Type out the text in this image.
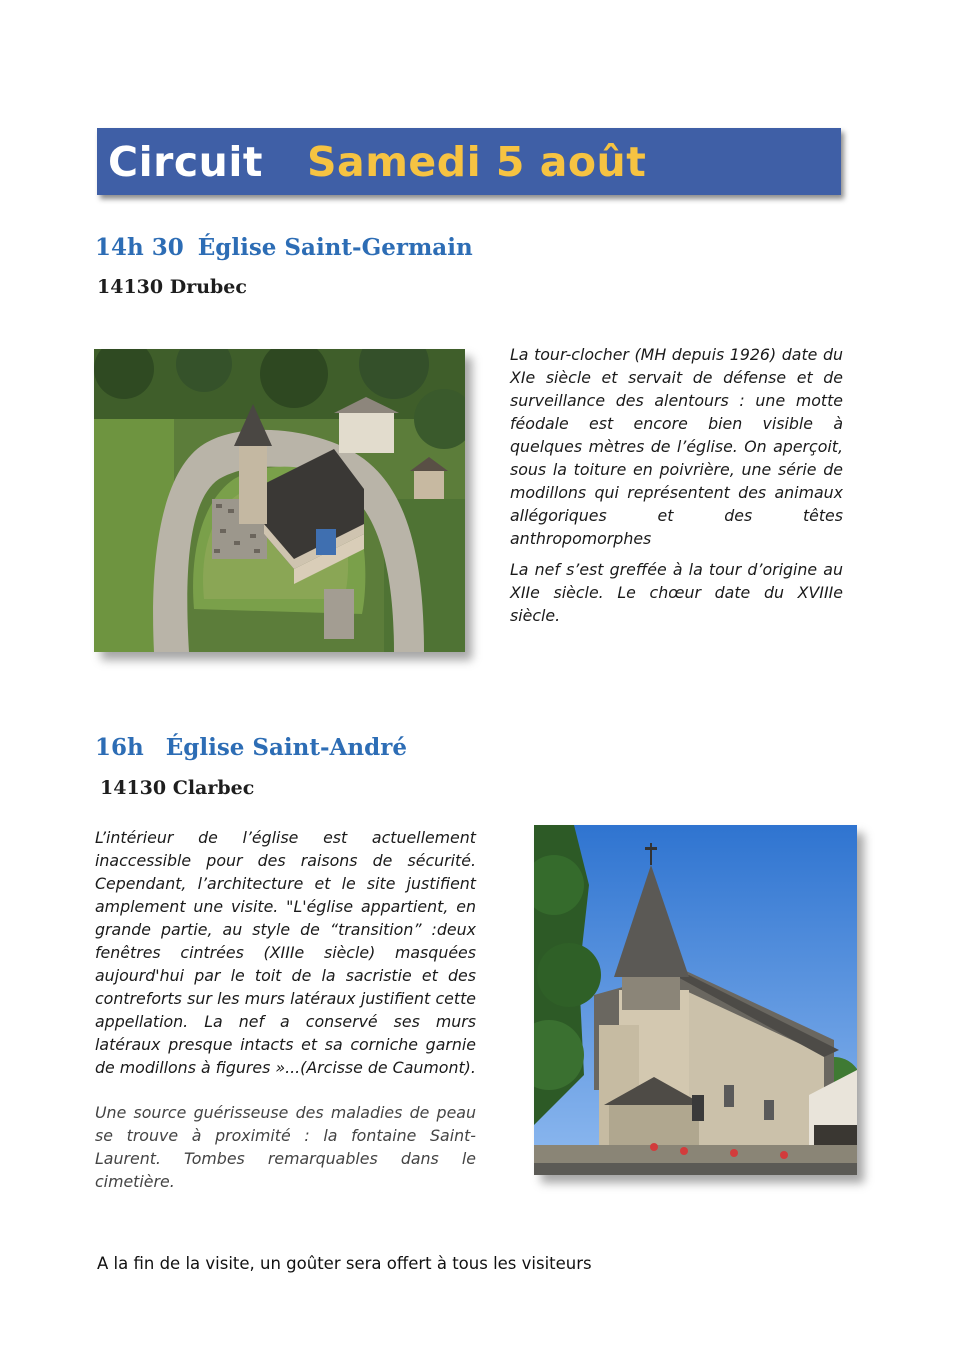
Circuit Samedi 5 août
14h 30 Église Saint-Germain
14130 Drubec

La tour-clocher (MH depuis 1926) date du XIe siècle et servait de défense et de surveillance des alentours : une motte féodale est encore bien visible à quelques mètres de l’église. On aperçoit, sous la toiture en poivrière, une série de modillons qui représentent des animaux allégoriques et des têtes anthropomorphes

La nef s’est greffée à la tour d’origine au XIIe siècle. Le chœur date du XVIIIe siècle.

16h Église Saint-André
14130 Clarbec

L’intérieur de l’église est actuellement inaccessible pour des raisons de sécurité. Cependant, l’architecture et le site justifient amplement une visite. "L'église appartient, en grande partie, au style de “transition” :deux fenêtres cintrées (XIIIe siècle) masquées aujourd'hui par le toit de la sacristie et des contreforts sur les murs latéraux justifient cette appellation. La nef a conservé ses murs latéraux presque intacts et sa corniche garnie de modillons à figures »...(Arcisse de Caumont).

Une source guérisseuse des maladies de peau se trouve à proximité : la fontaine Saint-Laurent. Tombes remarquables dans le cimetière.

A la fin de la visite, un goûter sera offert à tous les visiteurs
